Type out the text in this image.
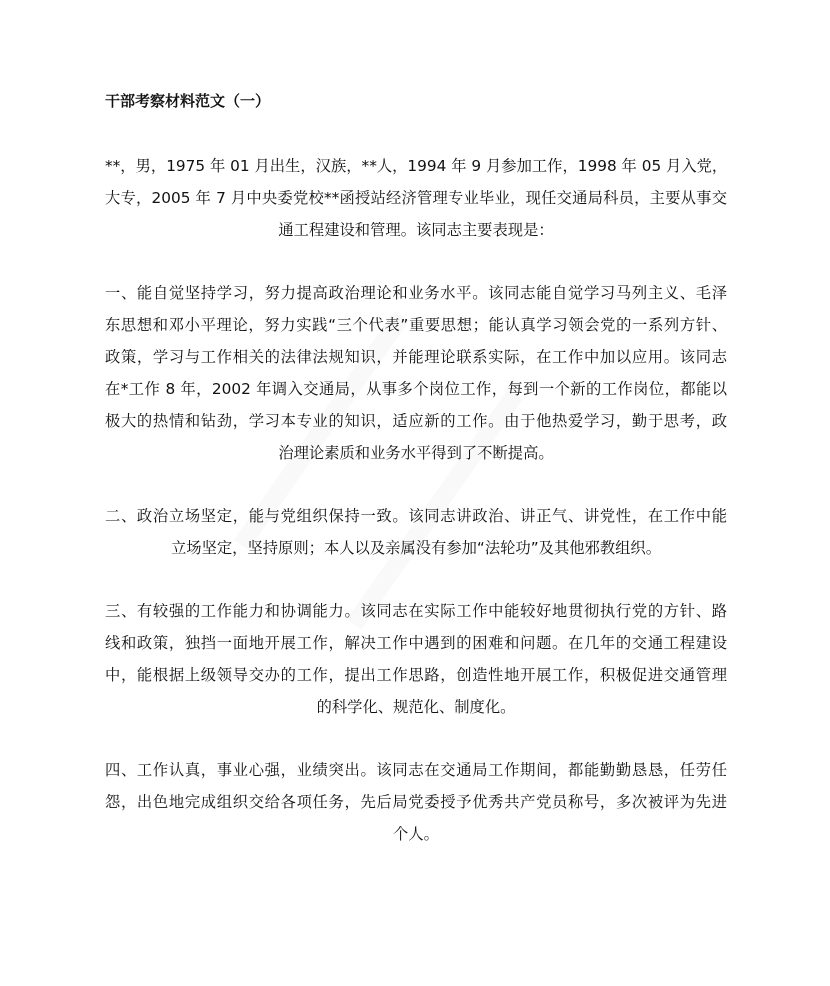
干部考察材料范文（一）
**，男，1975 年 01 月出生，汉族，**人，1994 年 9 月参加工作，1998 年 05 月入党，
大专，2005 年 7 月中央委党校**函授站经济管理专业毕业，现任交通局科员，主要从事交
通工程建设和管理。该同志主要表现是：
一、能自觉坚持学习，努力提高政治理论和业务水平。该同志能自觉学习马列主义、毛泽
东思想和邓小平理论，努力实践“三个代表”重要思想；能认真学习领会党的一系列方针、
政策，学习与工作相关的法律法规知识，并能理论联系实际，在工作中加以应用。该同志
在*工作 8 年，2002 年调入交通局，从事多个岗位工作，每到一个新的工作岗位，都能以
极大的热情和钻劲，学习本专业的知识，适应新的工作。由于他热爱学习，勤于思考，政
治理论素质和业务水平得到了不断提高。
二、政治立场坚定，能与党组织保持一致。该同志讲政治、讲正气、讲党性，在工作中能
立场坚定，坚持原则；本人以及亲属没有参加“法轮功”及其他邪教组织。
三、有较强的工作能力和协调能力。该同志在实际工作中能较好地贯彻执行党的方针、路
线和政策，独挡一面地开展工作，解决工作中遇到的困难和问题。在几年的交通工程建设
中，能根据上级领导交办的工作，提出工作思路，创造性地开展工作，积极促进交通管理
的科学化、规范化、制度化。
四、工作认真，事业心强，业绩突出。该同志在交通局工作期间，都能勤勤恳恳，任劳任
怨，出色地完成组织交给各项任务，先后局党委授予优秀共产党员称号，多次被评为先进
个人。
